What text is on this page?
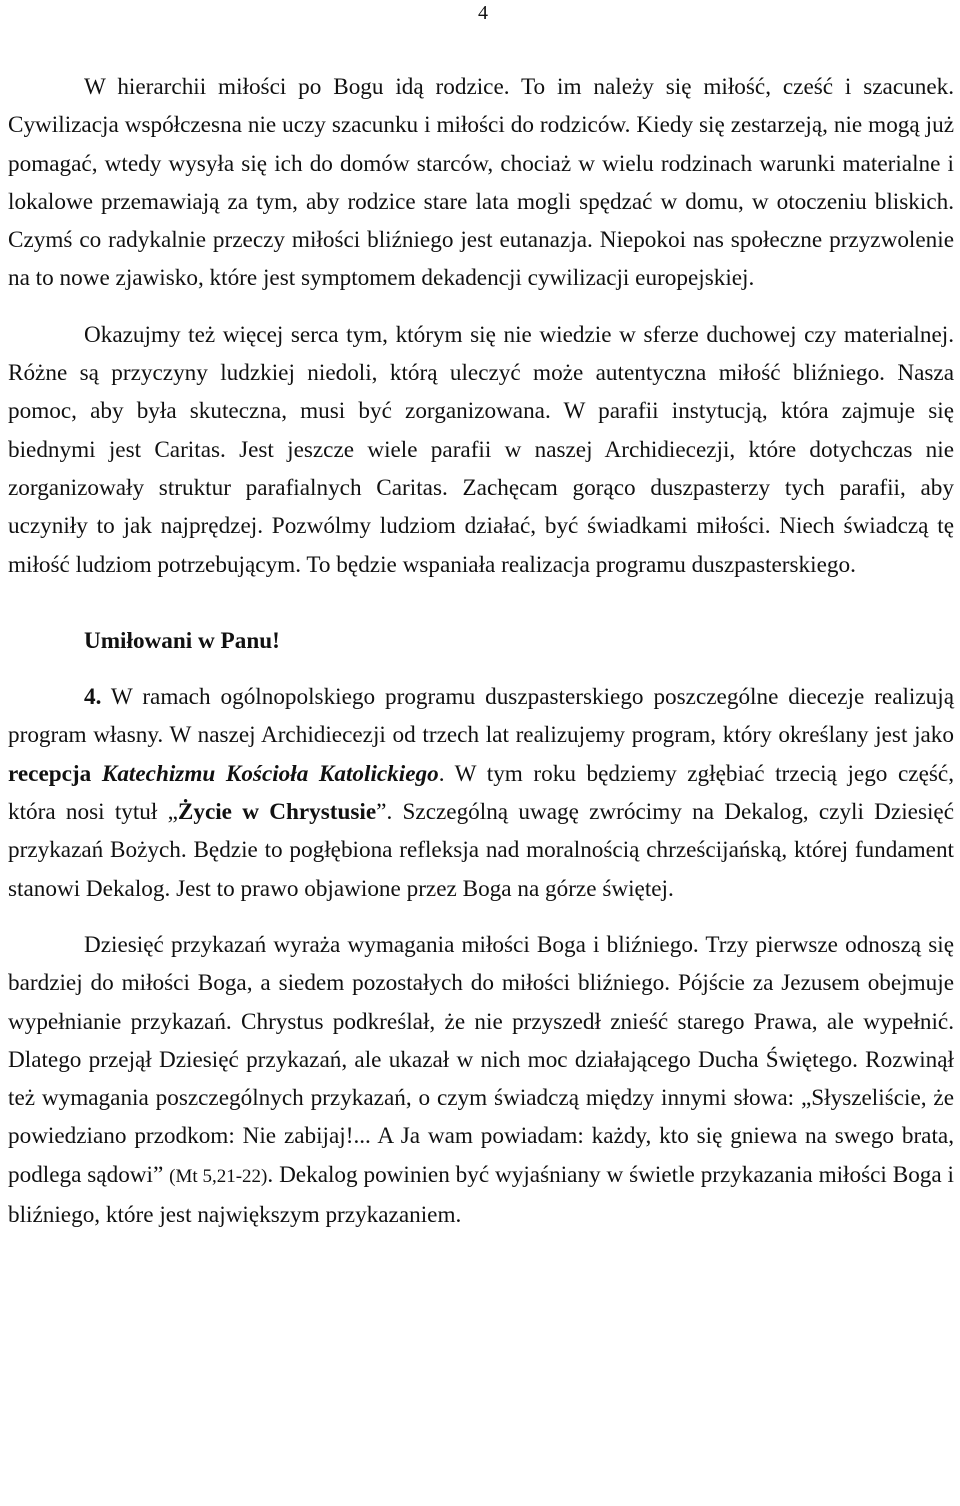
4

W hierarchii miłości po Bogu idą rodzice. To im należy się miłość, cześć i szacunek. Cywilizacja współczesna nie uczy szacunku i miłości do rodziców. Kiedy się zestarzeją, nie mogą już pomagać, wtedy wysyła się ich do domów starców, chociaż w wielu rodzinach warunki materialne i lokalowe przemawiają za tym, aby rodzice stare lata mogli spędzać w domu, w otoczeniu bliskich. Czymś co radykalnie przeczy miłości bliźniego jest eutanazja. Niepokoi nas społeczne przyzwolenie na to nowe zjawisko, które jest symptomem dekadencji cywilizacji europejskiej.

Okazujmy też więcej serca tym, którym się nie wiedzie w sferze duchowej czy materialnej. Różne są przyczyny ludzkiej niedoli, którą uleczyć może autentyczna miłość bliźniego. Nasza pomoc, aby była skuteczna, musi być zorganizowana. W parafii instytucją, która zajmuje się biednymi jest Caritas. Jest jeszcze wiele parafii w naszej Archidiecezji, które dotychczas nie zorganizowały struktur parafialnych Caritas. Zachęcam gorąco duszpasterzy tych parafii, aby uczyniły to jak najprędzej. Pozwólmy ludziom działać, być świadkami miłości. Niech świadczą tę miłość ludziom potrzebującym. To będzie wspaniała realizacja programu duszpasterskiego.

Umiłowani w Panu!

4. W ramach ogólnopolskiego programu duszpasterskiego poszczególne diecezje realizują program własny. W naszej Archidiecezji od trzech lat realizujemy program, który określany jest jako recepcja Katechizmu Kościoła Katolickiego. W tym roku będziemy zgłębiać trzecią jego część, która nosi tytuł „Życie w Chrystusie”. Szczególną uwagę zwrócimy na Dekalog, czyli Dziesięć przykazań Bożych. Będzie to pogłębiona refleksja nad moralnością chrześcijańską, której fundament stanowi Dekalog. Jest to prawo objawione przez Boga na górze świętej.

Dziesięć przykazań wyraża wymagania miłości Boga i bliźniego. Trzy pierwsze odnoszą się bardziej do miłości Boga, a siedem pozostałych do miłości bliźniego. Pójście za Jezusem obejmuje wypełnianie przykazań. Chrystus podkreślał, że nie przyszedł znieść starego Prawa, ale wypełnić. Dlatego przejął Dziesięć przykazań, ale ukazał w nich moc działającego Ducha Świętego. Rozwinął też wymagania poszczególnych przykazań, o czym świadczą między innymi słowa: „Słyszeliście, że powiedziano przodkom: Nie zabijaj!... A Ja wam powiadam: każdy, kto się gniewa na swego brata, podlega sądowi” (Mt 5,21-22). Dekalog powinien być wyjaśniany w świetle przykazania miłości Boga i bliźniego, które jest największym przykazaniem.
